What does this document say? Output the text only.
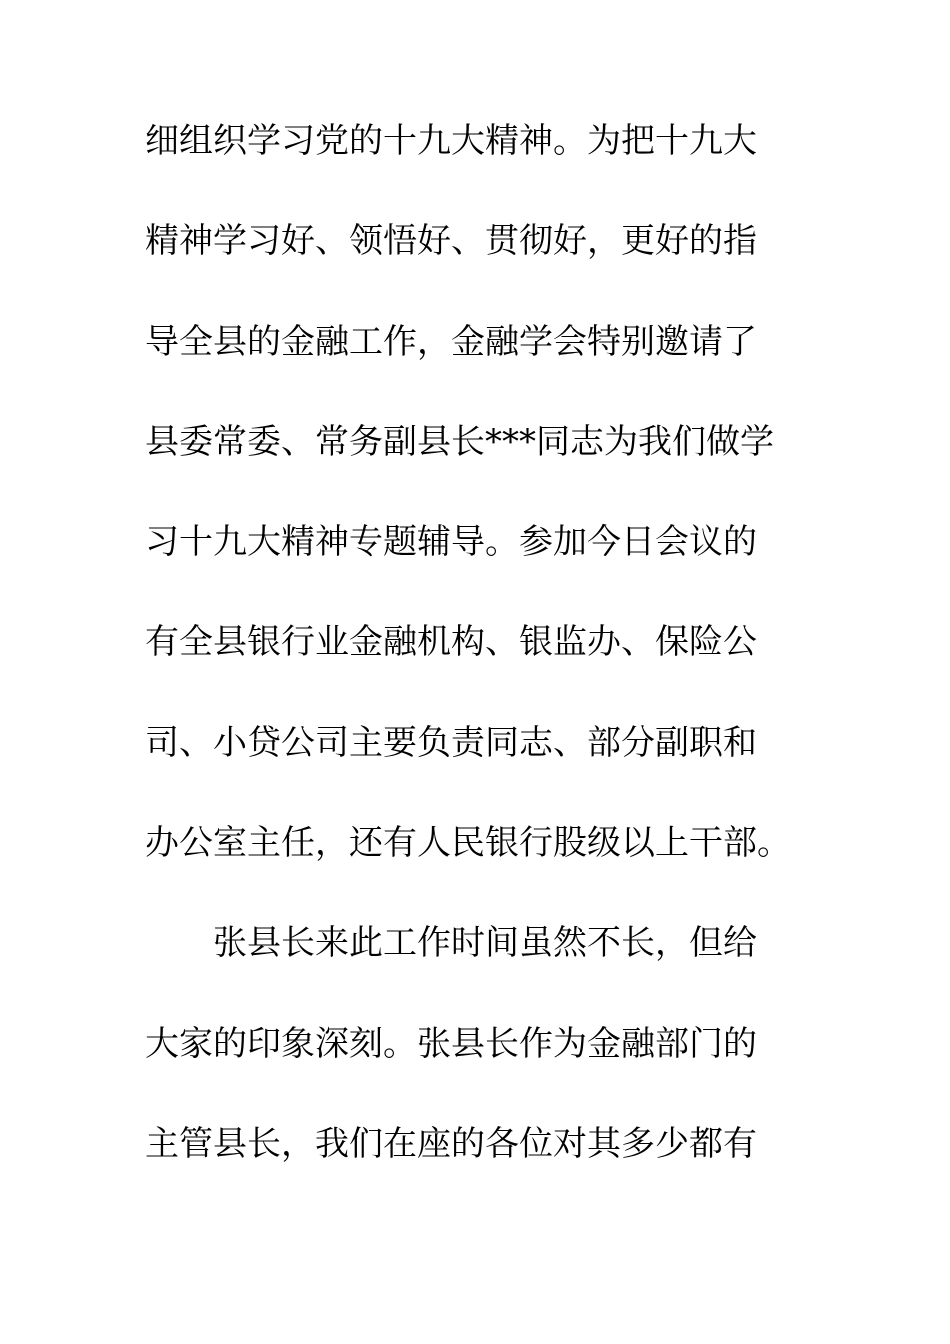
细组织学习党的十九大精神。为把十九大
精神学习好、领悟好、贯彻好，更好的指
导全县的金融工作，金融学会特别邀请了
县委常委、常务副县长***同志为我们做学
习十九大精神专题辅导。参加今日会议的
有全县银行业金融机构、银监办、保险公
司、小贷公司主要负责同志、部分副职和
办公室主任，还有人民银行股级以上干部。
张县长来此工作时间虽然不长，但给
大家的印象深刻。张县长作为金融部门的
主管县长，我们在座的各位对其多少都有
